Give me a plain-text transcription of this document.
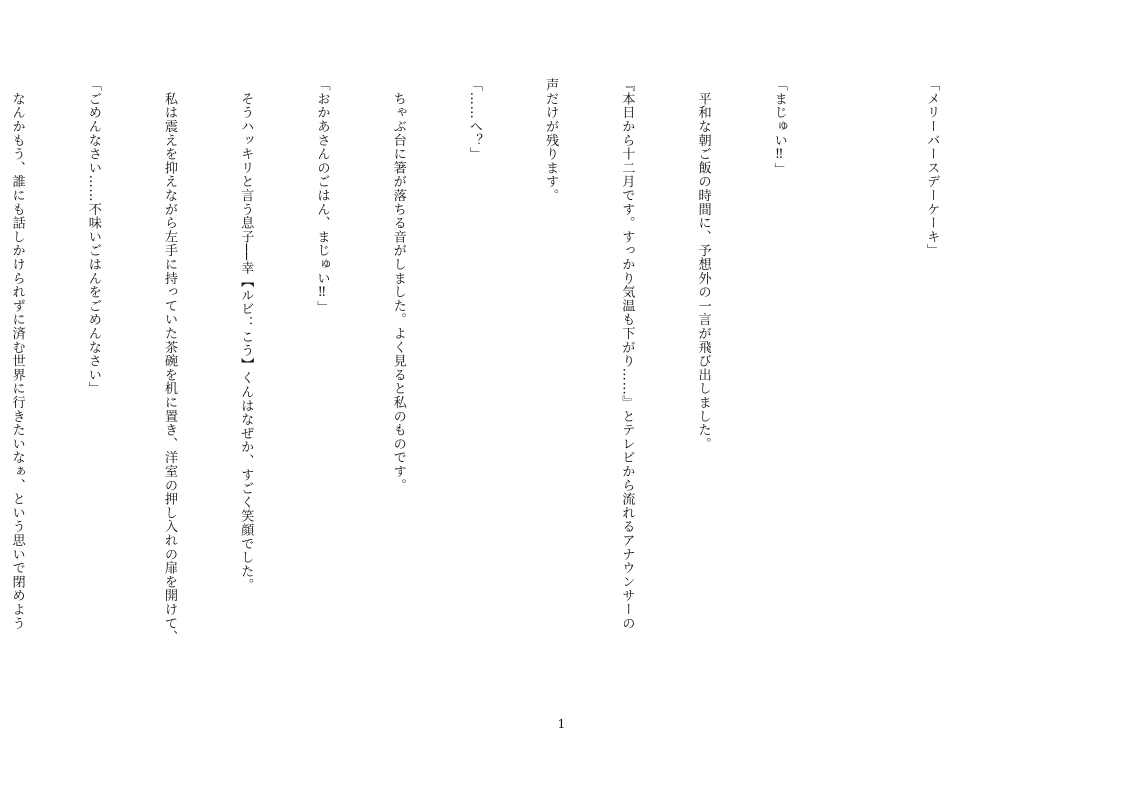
「メリーバースデーケーキ」

「まじゅい‼」

　平和な朝ご飯の時間に、予想外の一言が飛び出しました。

『本日から十二月です。すっかり気温も下がり……』とテレビから流れるアナウンサーの

声だけが残ります。

「……へ？」

　ちゃぶ台に箸が落ちる音がしました。よく見ると私のものです。

「おかあさんのごはん、まじゅい‼」

　そうハッキリと言う息子──幸【ルビ：こう】くんはなぜか、すごく笑顔でした。

　私は震えを抑えながら左手に持っていた茶碗を机に置き、洋室の押し入れの扉を開けて、

「ごめんなさい……不味いごはんをごめんなさい」

　なんかもう、誰にも話しかけられずに済む世界に行きたいなぁ、という思いで閉めよう

1
